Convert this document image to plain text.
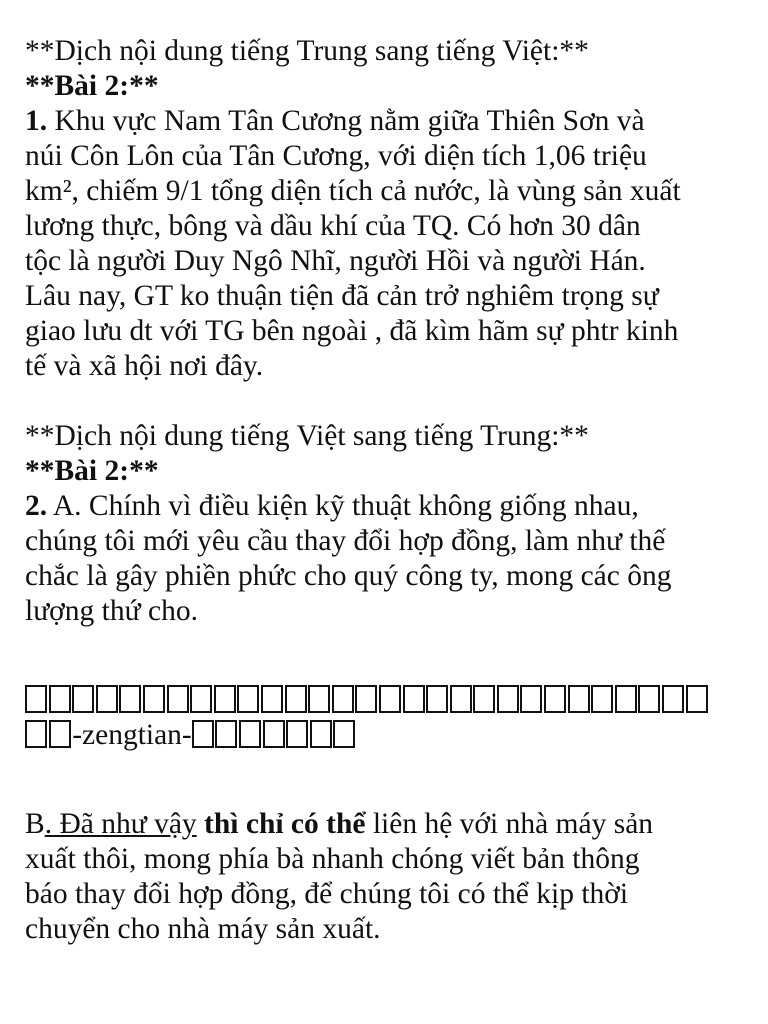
**Dịch nội dung tiếng Trung sang tiếng Việt:**
**Bài 2:**
1. Khu vực Nam Tân Cương nằm giữa Thiên Sơn và
núi Côn Lôn của Tân Cương, với diện tích 1,06 triệu
km², chiếm 9/1 tổng diện tích cả nước, là vùng sản xuất
lương thực, bông và dầu khí của TQ. Có hơn 30 dân
tộc là người Duy Ngô Nhĩ, người Hồi và người Hán.
Lâu nay, GT ko thuận tiện đã cản trở nghiêm trọng sự
giao lưu dt với TG bên ngoài , đã kìm hãm sự phtr kinh
tế và xã hội nơi đây.
**Dịch nội dung tiếng Việt sang tiếng Trung:**
**Bài 2:**
2. A. Chính vì điều kiện kỹ thuật không giống nhau,
chúng tôi mới yêu cầu thay đổi hợp đồng, làm như thế
chắc là gây phiền phức cho quý công ty, mong các ông
lượng thứ cho.
-zengtian-
B. Đã như vậy thì chỉ có thể liên hệ với nhà máy sản
xuất thôi, mong phía bà nhanh chóng viết bản thông
báo thay đổi hợp đồng, để chúng tôi có thể kịp thời
chuyển cho nhà máy sản xuất.
